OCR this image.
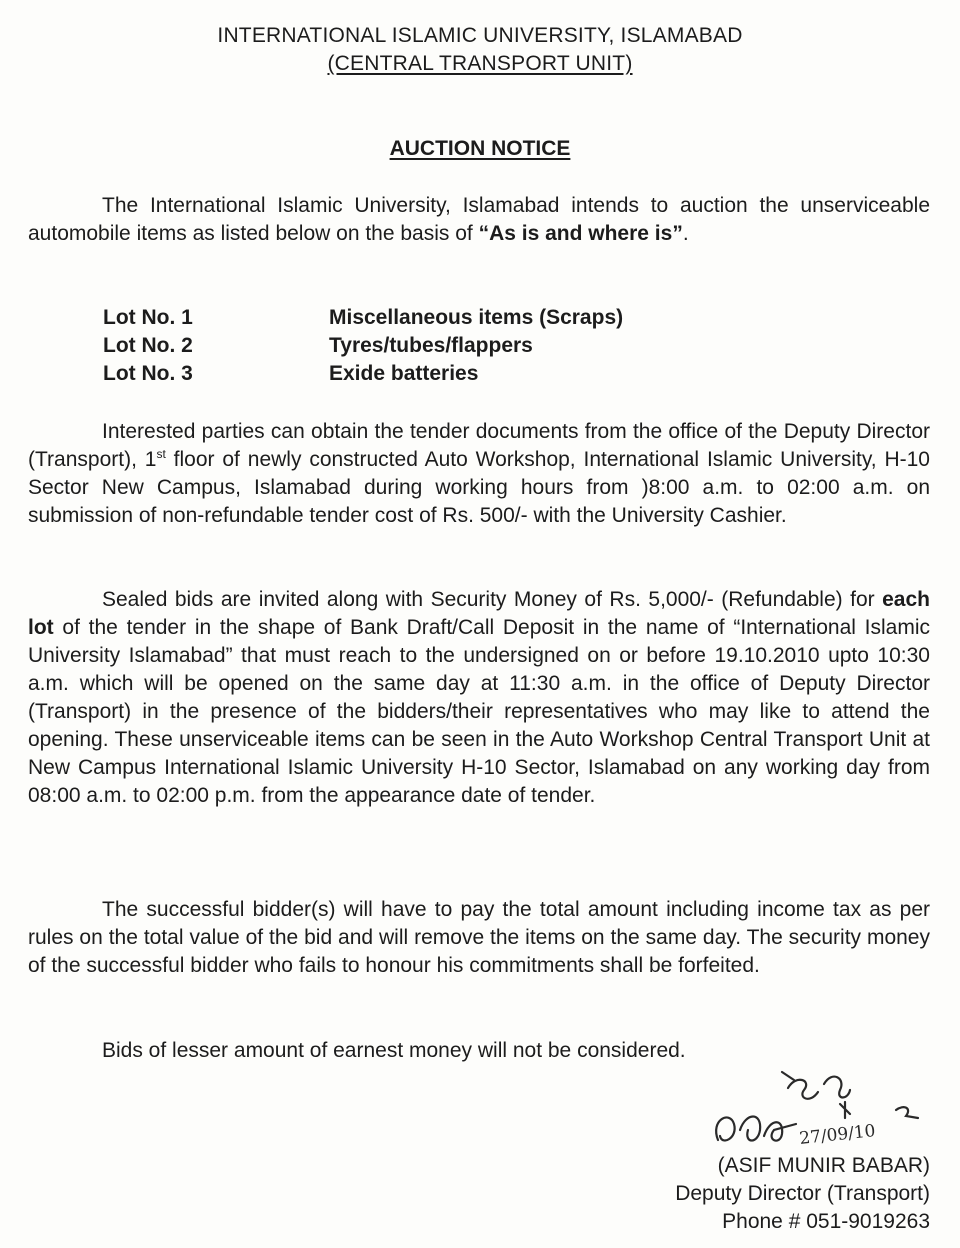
INTERNATIONAL ISLAMIC UNIVERSITY, ISLAMABAD
(CENTRAL TRANSPORT UNIT)
AUCTION NOTICE
The International Islamic University, Islamabad intends to auction the unserviceable automobile items as listed below on the basis of “As is and where is”.
Lot No. 1	Miscellaneous items (Scraps)
Lot No. 2	Tyres/tubes/flappers
Lot No. 3	Exide batteries
Interested parties can obtain the tender documents from the office of the Deputy Director (Transport), 1st floor of newly constructed Auto Workshop, International Islamic University, H-10 Sector New Campus, Islamabad during working hours from )8:00 a.m. to 02:00 a.m. on submission of non-refundable tender cost of Rs. 500/- with the University Cashier.
Sealed bids are invited along with Security Money of Rs. 5,000/- (Refundable) for each lot of the tender in the shape of Bank Draft/Call Deposit in the name of “International Islamic University Islamabad” that must reach to the undersigned on or before 19.10.2010 upto 10:30 a.m. which will be opened on the same day at 11:30 a.m. in the office of Deputy Director (Transport) in the presence of the bidders/their representatives who may like to attend the opening. These unserviceable items can be seen in the Auto Workshop Central Transport Unit at New Campus International Islamic University H-10 Sector, Islamabad on any working day from 08:00 a.m. to 02:00 p.m. from the appearance date of tender.
The successful bidder(s) will have to pay the total amount including income tax as per rules on the total value of the bid and will remove the items on the same day. The security money of the successful bidder who fails to honour his commitments shall be forfeited.
Bids of lesser amount of earnest money will not be considered.
27/09/10
(ASIF MUNIR BABAR)
Deputy Director (Transport)
Phone # 051-9019263
